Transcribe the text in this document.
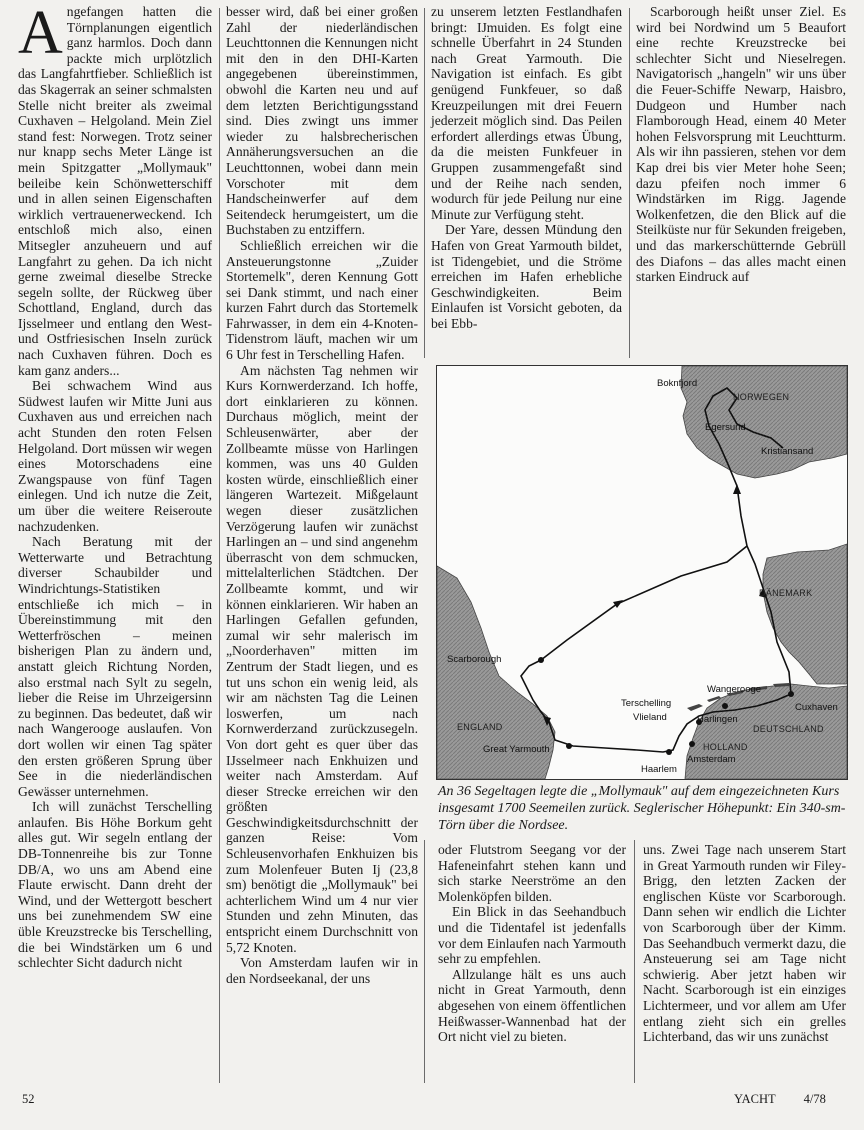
Angefangen hatten die Törnplanungen eigentlich ganz harmlos. Doch dann packte mich urplötzlich das Langfahrtfieber. Schließlich ist das Skagerrak an seiner schmalsten Stelle nicht breiter als zweimal Cuxhaven – Helgoland. Mein Ziel stand fest: Norwegen. Trotz seiner nur knapp sechs Meter Länge ist mein Spitzgatter „Mollymauk" beileibe kein Schönwetterschiff und in allen seinen Eigenschaften wirklich vertrauenerweckend. Ich entschloß mich also, einen Mitsegler anzuheuern und auf Langfahrt zu gehen. Da ich nicht gerne zweimal dieselbe Strecke segeln sollte, der Rückweg über Schottland, England, durch das Ijsselmeer und entlang den West- und Ostfriesischen Inseln zurück nach Cuxhaven führen. Doch es kam ganz anders...

Bei schwachem Wind aus Südwest laufen wir Mitte Juni aus Cuxhaven aus und erreichen nach acht Stunden den roten Felsen Helgoland. Dort müssen wir wegen eines Motorschadens eine Zwangspause von fünf Tagen einlegen. Und ich nutze die Zeit, um über die weitere Reiseroute nachzudenken.

Nach Beratung mit der Wetterwarte und Betrachtung diverser Schaubilder und Windrichtungs-Statistiken entschließe ich mich – in Übereinstimmung mit den Wetterfröschen – meinen bisherigen Plan zu ändern und, anstatt gleich Richtung Norden, also erstmal nach Sylt zu segeln, lieber die Reise im Uhrzeigersinn zu beginnen. Das bedeutet, daß wir nach Wangerooge auslaufen. Von dort wollen wir einen Tag später den ersten größeren Sprung über See in die niederländischen Gewässer unternehmen.

Ich will zunächst Terschelling anlaufen. Bis Höhe Borkum geht alles gut. Wir segeln entlang der DB-Tonnenreihe bis zur Tonne DB/A, wo uns am Abend eine Flaute erwischt. Dann dreht der Wind, und der Wettergott beschert uns bei zunehmendem SW eine üble Kreuzstrecke bis Terschelling, die bei Windstärken um 6 und schlechter Sicht dadurch nicht

besser wird, daß bei einer großen Zahl der niederländischen Leuchttonnen die Kennungen nicht mit den in den DHI-Karten angegebenen übereinstimmen, obwohl die Karten neu und auf dem letzten Berichtigungsstand sind. Dies zwingt uns immer wieder zu halsbrecherischen Annäherungsversuchen an die Leuchttonnen, wobei dann mein Vorschoter mit dem Handscheinwerfer auf dem Seitendeck herumgeistert, um die Buchstaben zu entziffern.

Schließlich erreichen wir die Ansteuerungstonne „Zuider Stortemelk", deren Kennung Gott sei Dank stimmt, und nach einer kurzen Fahrt durch das Stortemelk Fahrwasser, in dem ein 4-Knoten-Tidenstrom läuft, machen wir um 6 Uhr fest in Terschelling Hafen.

Am nächsten Tag nehmen wir Kurs Kornwerderzand. Ich hoffe, dort einklarieren zu können. Durchaus möglich, meint der Schleusenwärter, aber der Zollbeamte müsse von Harlingen kommen, was uns 40 Gulden kosten würde, einschließlich einer längeren Wartezeit. Mißgelaunt wegen dieser zusätzlichen Verzögerung laufen wir zunächst Harlingen an – und sind angenehm überrascht von dem schmucken, mittelalterlichen Städtchen. Der Zollbeamte kommt, und wir können einklarieren. Wir haben an Harlingen Gefallen gefunden, zumal wir sehr malerisch im „Noorderhaven" mitten im Zentrum der Stadt liegen, und es tut uns schon ein wenig leid, als wir am nächsten Tag die Leinen loswerfen, um nach Kornwerderzand zurückzusegeln. Von dort geht es quer über das IJsselmeer nach Enkhuizen und weiter nach Amsterdam. Auf dieser Strecke erreichen wir den größten Geschwindigkeitsdurchschnitt der ganzen Reise: Vom Schleusenvorhafen Enkhuizen bis zum Molenfeuer Buten Ij (23,8 sm) benötigt die „Mollymauk" bei achterlichem Wind um 4 nur vier Stunden und zehn Minuten, das entspricht einem Durchschnitt von 5,72 Knoten.

Von Amsterdam laufen wir in den Nordseekanal, der uns

zu unserem letzten Festlandhafen bringt: IJmuiden. Es folgt eine schnelle Überfahrt in 24 Stunden nach Great Yarmouth. Die Navigation ist einfach. Es gibt genügend Funkfeuer, so daß Kreuzpeilungen mit drei Feuern jederzeit möglich sind. Das Peilen erfordert allerdings etwas Übung, da die meisten Funkfeuer in Gruppen zusammengefaßt sind und der Reihe nach senden, wodurch für jede Peilung nur eine Minute zur Verfügung steht.

Der Yare, dessen Mündung den Hafen von Great Yarmouth bildet, ist Tidengebiet, und die Ströme erreichen im Hafen erhebliche Geschwindigkeiten. Beim Einlaufen ist Vorsicht geboten, da bei Ebb-

Scarborough heißt unser Ziel. Es wird bei Nordwind um 5 Beaufort eine rechte Kreuzstrecke bei schlechter Sicht und Nieselregen. Navigatorisch „hangeln" wir uns über die Feuer-Schiffe Newarp, Haisbro, Dudgeon und Humber nach Flamborough Head, einem 40 Meter hohen Felsvorsprung mit Leuchtturm. Als wir ihn passieren, stehen vor dem Kap drei bis vier Meter hohe Seen; dazu pfeifen noch immer 6 Windstärken im Rigg. Jagende Wolkenfetzen, die den Blick auf die Steilküste nur für Sekunden freigeben, und das markerschütternde Gebrüll des Diafons – das alles macht einen starken Eindruck auf

Boknfjord
NORWEGEN
Egersund
Kristiansand
DÄNEMARK
Scarborough
Wangerooge
Terschelling
Vlieland	Harlingen
Cuxhaven
ENGLAND	DEUTSCHLAND
HOLLAND
Great Yarmouth
Amsterdam
Haarlem
An 36 Segeltagen legte die „Mollymauk" auf dem eingezeichneten Kurs insgesamt 1700 Seemeilen zurück. Seglerischer Höhepunkt: Ein 340-sm-Törn über die Nordsee.

oder Flutstrom Seegang vor der Hafeneinfahrt stehen kann und sich starke Neerströme an den Molenköpfen bilden.

Ein Blick in das Seehandbuch und die Tidentafel ist jedenfalls vor dem Einlaufen nach Yarmouth sehr zu empfehlen.

Allzulange hält es uns auch nicht in Great Yarmouth, denn abgesehen von einem öffentlichen Heißwasser-Wannenbad hat der Ort nicht viel zu bieten.

uns. Zwei Tage nach unserem Start in Great Yarmouth runden wir Filey-Brigg, den letzten Zacken der englischen Küste vor Scarborough. Dann sehen wir endlich die Lichter von Scarborough über der Kimm. Das Seehandbuch vermerkt dazu, die Ansteuerung sei am Tage nicht schwierig. Aber jetzt haben wir Nacht. Scarborough ist ein einziges Lichtermeer, und vor allem am Ufer entlang zieht sich ein grelles Lichterband, das wir uns zunächst

52	YACHT 4/78
